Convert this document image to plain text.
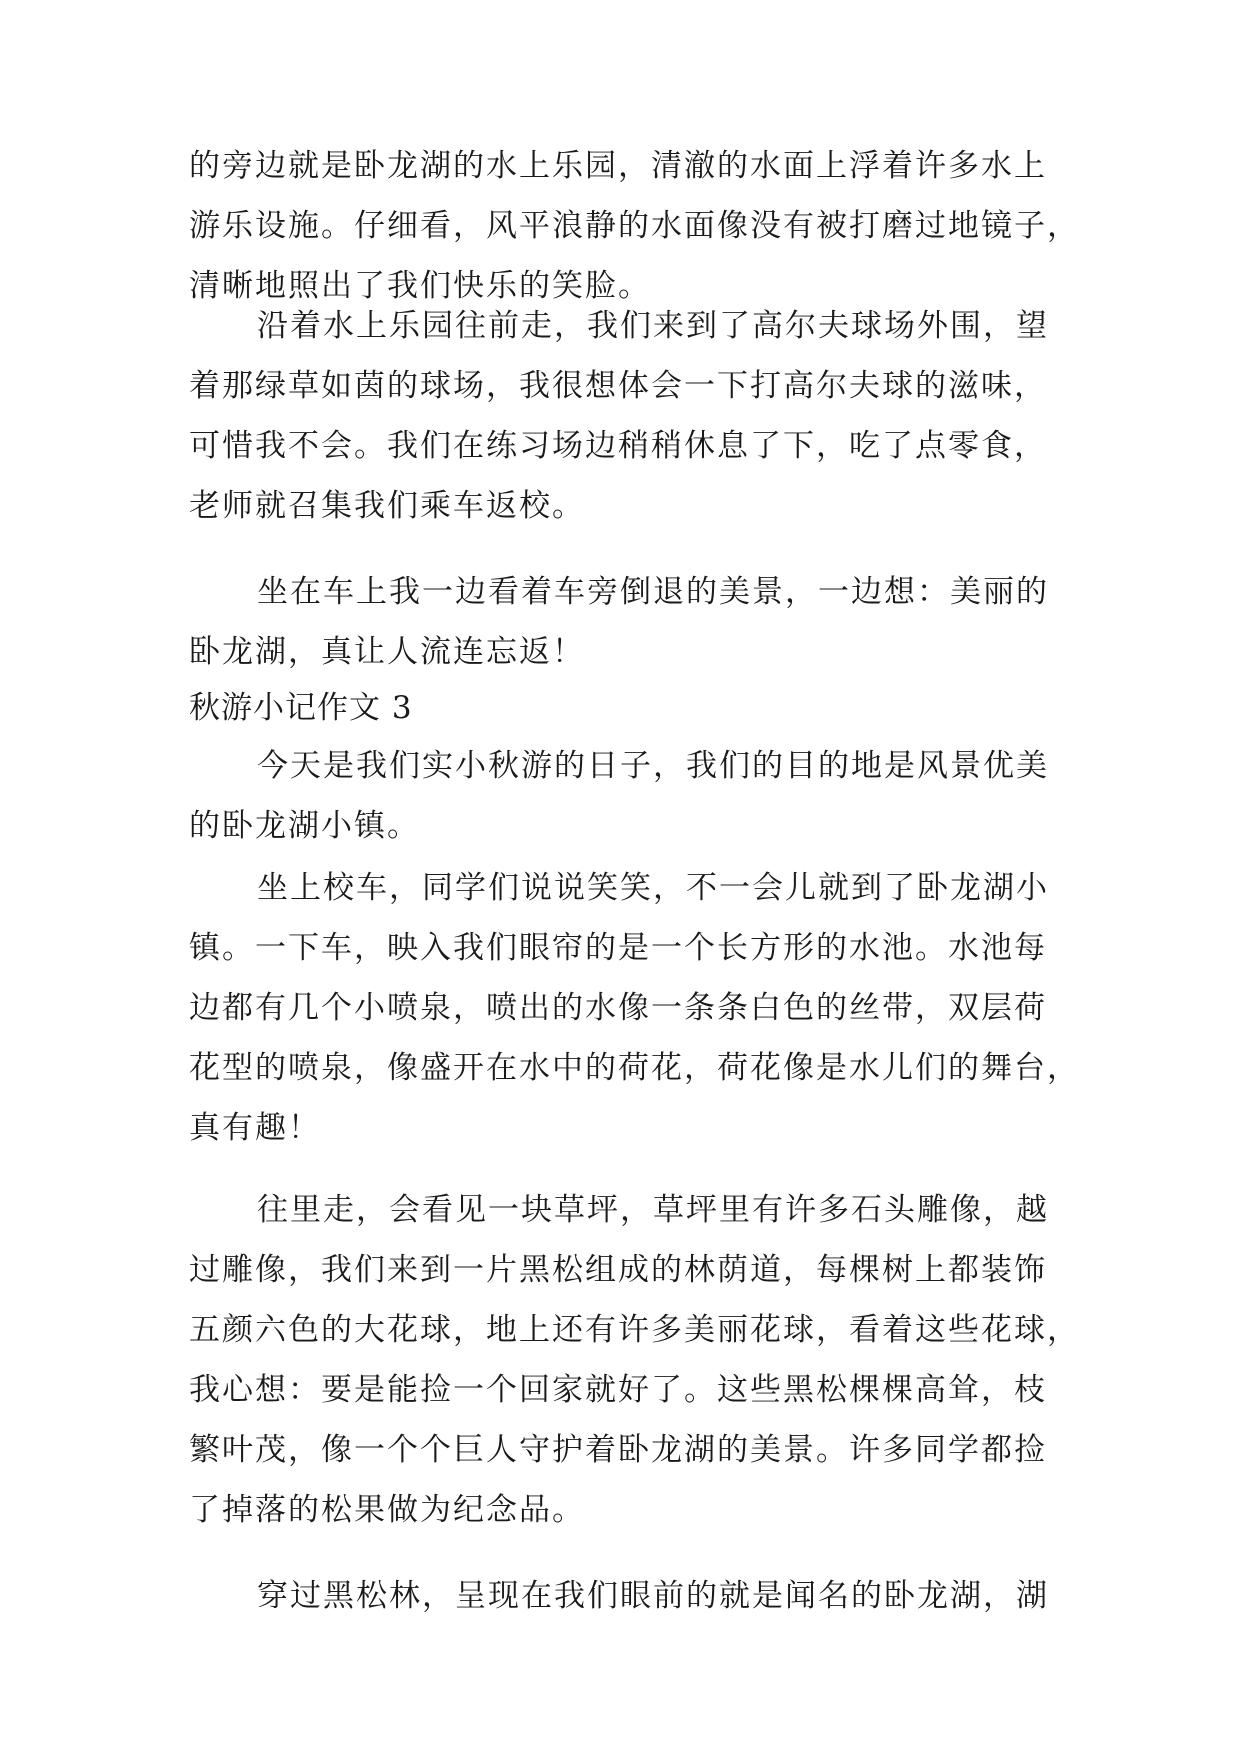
的旁边就是卧龙湖的水上乐园，清澈的水面上浮着许多水上
游乐设施。仔细看，风平浪静的水面像没有被打磨过地镜子，
清晰地照出了我们快乐的笑脸。

沿着水上乐园往前走，我们来到了高尔夫球场外围，望
着那绿草如茵的球场，我很想体会一下打高尔夫球的滋味，
可惜我不会。我们在练习场边稍稍休息了下，吃了点零食，
老师就召集我们乘车返校。

坐在车上我一边看着车旁倒退的美景，一边想：美丽的
卧龙湖，真让人流连忘返！

秋游小记作文 3

今天是我们实小秋游的日子，我们的目的地是风景优美
的卧龙湖小镇。

坐上校车，同学们说说笑笑，不一会儿就到了卧龙湖小
镇。一下车，映入我们眼帘的是一个长方形的水池。水池每
边都有几个小喷泉，喷出的水像一条条白色的丝带，双层荷
花型的喷泉，像盛开在水中的荷花，荷花像是水儿们的舞台，
真有趣！

往里走，会看见一块草坪，草坪里有许多石头雕像，越
过雕像，我们来到一片黑松组成的林荫道，每棵树上都装饰
五颜六色的大花球，地上还有许多美丽花球，看着这些花球，
我心想：要是能捡一个回家就好了。这些黑松棵棵高耸，枝
繁叶茂，像一个个巨人守护着卧龙湖的美景。许多同学都捡
了掉落的松果做为纪念品。

穿过黑松林，呈现在我们眼前的就是闻名的卧龙湖，湖
